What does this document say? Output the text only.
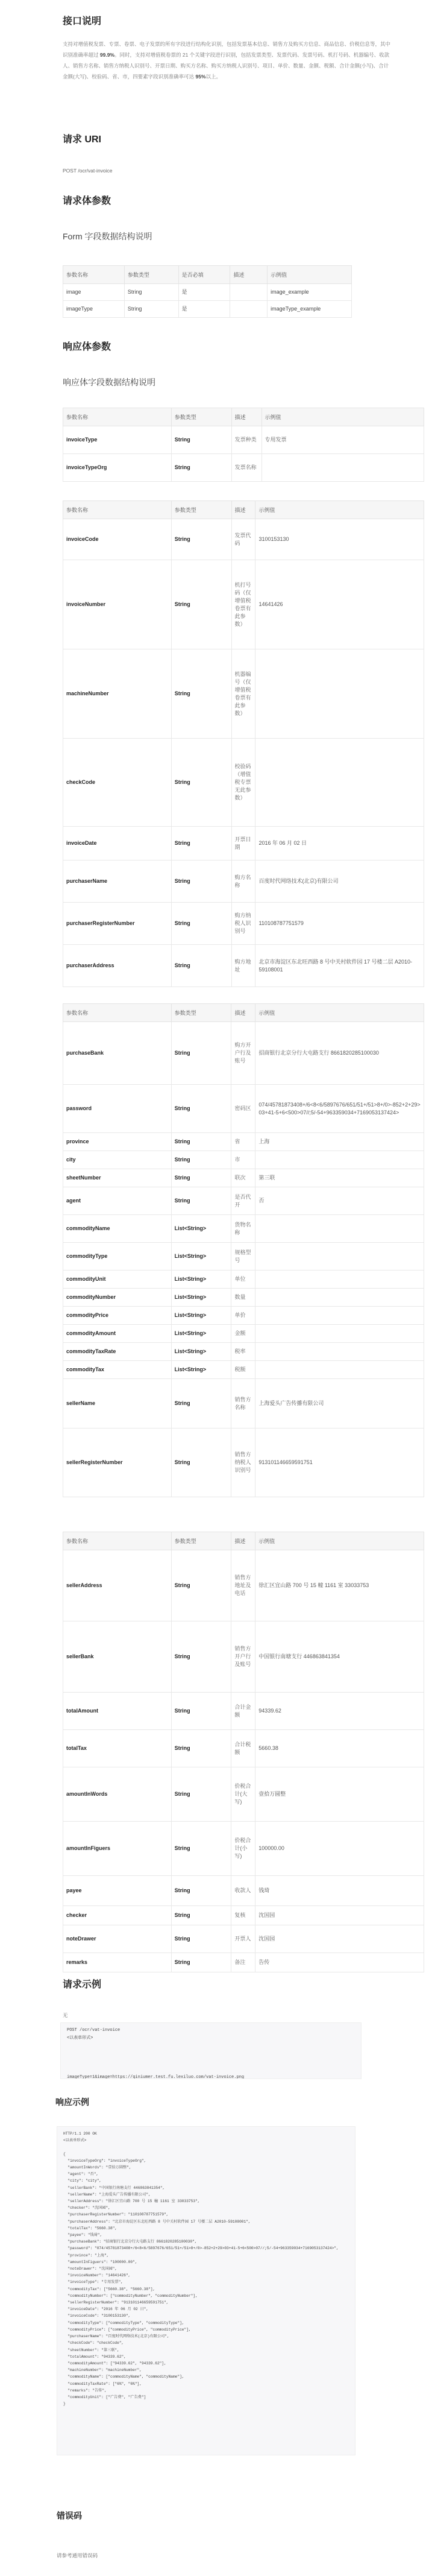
接口说明
支持对增值税发票、专票、卷票、电子发票的所有字段进行结构化识别，包括发票基本信息、销售方及购买方信息、商品信息、价税信息等，其中识别准确率超过 99.9%。同时，支持对增值税卷票的 21 个关键字段进行识别，包括发票类型、发票代码、发票号码、机打号码、机器编号、收款人、销售方名称、销售方纳税人识别号、开票日期、购买方名称、购买方纳税人识别号、项目、单价、数量、金额、税额、合计金额(小写)、合计金额(大写)、校验码、省、市，四要素字段识别准确率可达 95%以上。
请求 URI
POST /ocr/vat-invoice
请求体参数
Form 字段数据结构说明
参数名称	参数类型	是否必填	描述	示例值
image	String	是		image_example
imageType	String	是		imageType_example
响应体参数
响应体字段数据结构说明
参数名称	参数类型	描述	示例值
invoiceType	String	发票种类	专用发票
invoiceTypeOrg	String	发票名称	
参数名称	参数类型	描述	示例值
invoiceCode	String	发票代码	3100153130
invoiceNumber	String	机打号码（仅增值税卷票有此参数）	14641426
machineNumber	String	机器编号（仅增值税卷票有此参数）	
checkCode	String	校验码（增值税专票无此参数）	
invoiceDate	String	开票日期	2016 年 06 月 02 日
purchaserName	String	购方名称	百度时代网络技术(北京)有限公司
purchaserRegisterNumber	String	购方纳税人识别号	110108787751579
purchaserAddress	String	购方地址	北京市海淀区东北旺西路 8 号中关村软件园 17 号楼二层 A2010-59108001
参数名称	参数类型	描述	示例值
purchaseBank	String	购方开户行及账号	招商银行北京分行大屯路支行 8661820285100030
password	String	密码区	074/45781873408+/6<8<6/5897676/651/51+/51>8+/0>-852+2+29>03+41-5+6<500>07//;5/-54+963359034+7169053137424>
province	String	省	上海
city	String	市	
sheetNumber	String	联次	第三联
agent	String	是否代开	否
commodityName	List<String>	货物名称	
commodityType	List<String>	规格型号	
commodityUnit	List<String>	单位	
commodityNumber	List<String>	数量	
commodityPrice	List<String>	单价	
commodityAmount	List<String>	金额	
commodityTaxRate	List<String>	税率	
commodityTax	List<String>	税额	
sellerName	String	销售方名称	上海爱头广告传播有限公司
sellerRegisterNumber	String	销售方纳税人识别号	913101146659591751
参数名称	参数类型	描述	示例值
sellerAddress	String	销售方地址及电话	徐汇区宜山路 700 号 15 幢 1161 室 33033753
sellerBank	String	销售方开户行及账号	中国银行南塘支行 446863841354
totalAmount	String	合计金额	94339.62
totalTax	String	合计税额	5660.38
amountInWords	String	价税合计(大写)	壹拾万圆整
amountInFiguers	String	价税合计(小写)	100000.00
payee	String	收款人	钱琦
checker	String	复核	沈国园
noteDrawer	String	开票人	沈国园
remarks	String	备注	告传
请求示例
无
POST /ocr/vat-invoice
<以表单形式>

imageType=1&image=https://qiniumer.test.fu.lexiluo.com/vat-invoice.png
响应示例
HTTP/1.1 200 OK
<以表单形式>

{
"invoiceTypeOrg": "invoiceTypeOrg",
"amountInWords": "壹拾万圆整",
"agent": "否",
"city": "city",
"sellerBank": "中国银行南塘支行 446863841354",
"sellerName": "上海爱头广告传播有限公司",
"sellerAddress": "徐汇区宜山路 700 号 15 幢 1161 室 33033753",
"checker": "沈国园",
"purchaserRegisterNumber": "110108787751579",
"purchaserAddress": "北京市海淀区东北旺西路 8 号中关村软件园 17 号楼二层 A2010-59108001",
"totalTax": "5660.38",
"payee": "钱琦",
"purchaseBank": "招商银行北京分行大屯路支行 8661820285100030",
"password": "074/45781873408+/6<8<6/5897676/651/51+/51>8+/0>-852+2+29>03+41-5+6<500>07//;5/-54+963359034+7169053137424>",
"province": "上海",
"amountInFiguers": "100000.00",
"noteDrawer": "沈国园",
"invoiceNumber": "14641426",
"invoiceType": "专用发票",
"commodityTax": ["5660.38", "5660.38"],
"commodityNumber": ["commodityNumber", "commodityNumber"],
"sellerRegisterNumber": "913101146659591751",
"invoiceDate": "2016 年 06 月 02 日",
"invoiceCode": "3100153130",
"commodityType": ["commodityType", "commodityType"],
"commodityPrice": ["commodityPrice", "commodityPrice"],
"purchaserName": "百度时代网络技术(北京)有限公司",
"checkCode": "checkCode",
"sheetNumber": "第三联",
"totalAmount": "94339.62",
"commodityAmount": ["94339.62", "94339.62"],
"machineNumber": "machineNumber",
"commodityName": ["commodityName", "commodityName"],
"commodityTaxRate": ["6%", "6%"],
"remarks": "告传",
"commodityUnit": ["广告费", "广告费"]
}
错误码
请参考通用错误码
